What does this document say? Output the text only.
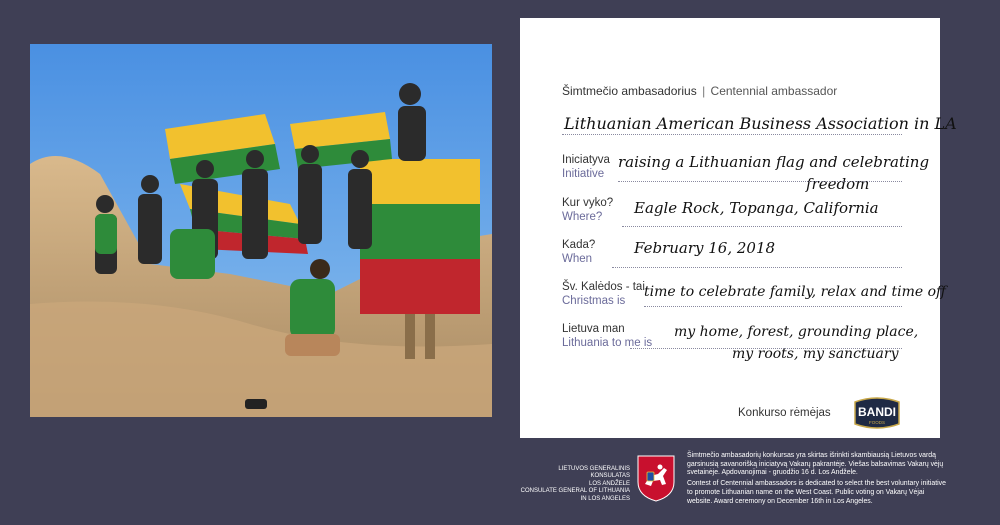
Šimtmečio ambasadorius | Centennial ambassador
Lithuanian American Business Association in LA
Iniciatyva
Initiative
raising a Lithuanian flag and celebrating
freedom
Kur vyko?
Where?	Eagle Rock, Topanga, California
Kada?
When
February 16, 2018
Šv. Kalėdos - tai
Christmas is
time to celebrate family, relax and time off
Lietuva man
Lithuania to me is
my home, forest, grounding place,
my roots, my sanctuary
Konkurso rėmėjas BANDI
FOODS
LIETUVOS GENERALINIS KONSULATAS
LOS ANDŽELE
CONSULATE GENERAL OF LITHUANIA
IN LOS ANGELES

Šimtmečio ambasadorių konkursas yra skirtas išrinkti skambiausią Lietuvos vardą garsinusią savanorišką iniciatyvą Vakarų pakrantėje. Viešas balsavimas Vakarų vėjų svetainėje. Apdovanojimai - gruodžio 16 d. Los Andžele.

Contest of Centennial ambassadors is dedicated to select the best voluntary initiative to promote Lithuanian name on the West Coast. Public voting on Vakarų Vėjai website. Award ceremony on December 16th in Los Angeles.
